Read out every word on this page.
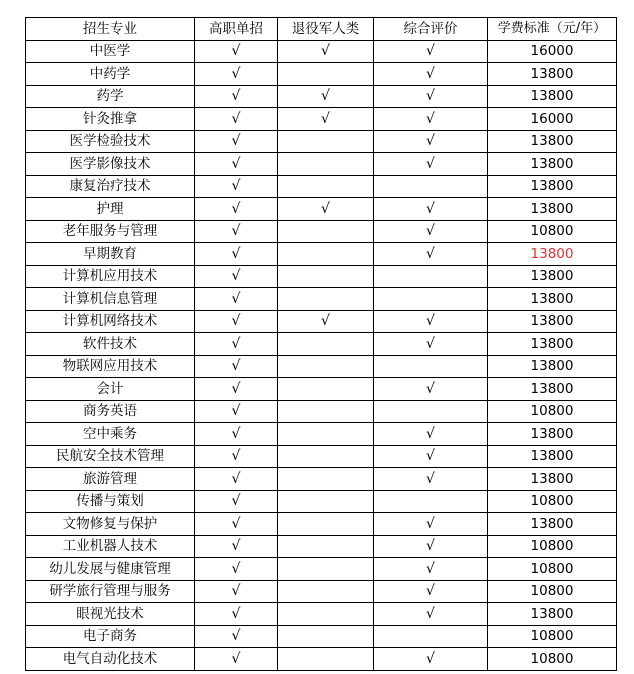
招生专业	高职单招	退役军人类	综合评价	学费标准（元/年）
中医学	√	√	√	16000
中药学	√		√	13800
药学	√	√	√	13800
针灸推拿	√	√	√	16000
医学检验技术	√		√	13800
医学影像技术	√		√	13800
康复治疗技术	√			13800
护理	√	√	√	13800
老年服务与管理	√		√	10800
早期教育	√		√	13800
计算机应用技术	√			13800
计算机信息管理	√			13800
计算机网络技术	√	√	√	13800
软件技术	√		√	13800
物联网应用技术	√			13800
会计	√		√	13800
商务英语	√			10800
空中乘务	√		√	13800
民航安全技术管理	√		√	13800
旅游管理	√		√	13800
传播与策划	√			10800
文物修复与保护	√		√	13800
工业机器人技术	√		√	10800
幼儿发展与健康管理	√		√	10800
研学旅行管理与服务	√		√	10800
眼视光技术	√		√	13800
电子商务	√			10800
电气自动化技术	√		√	10800
